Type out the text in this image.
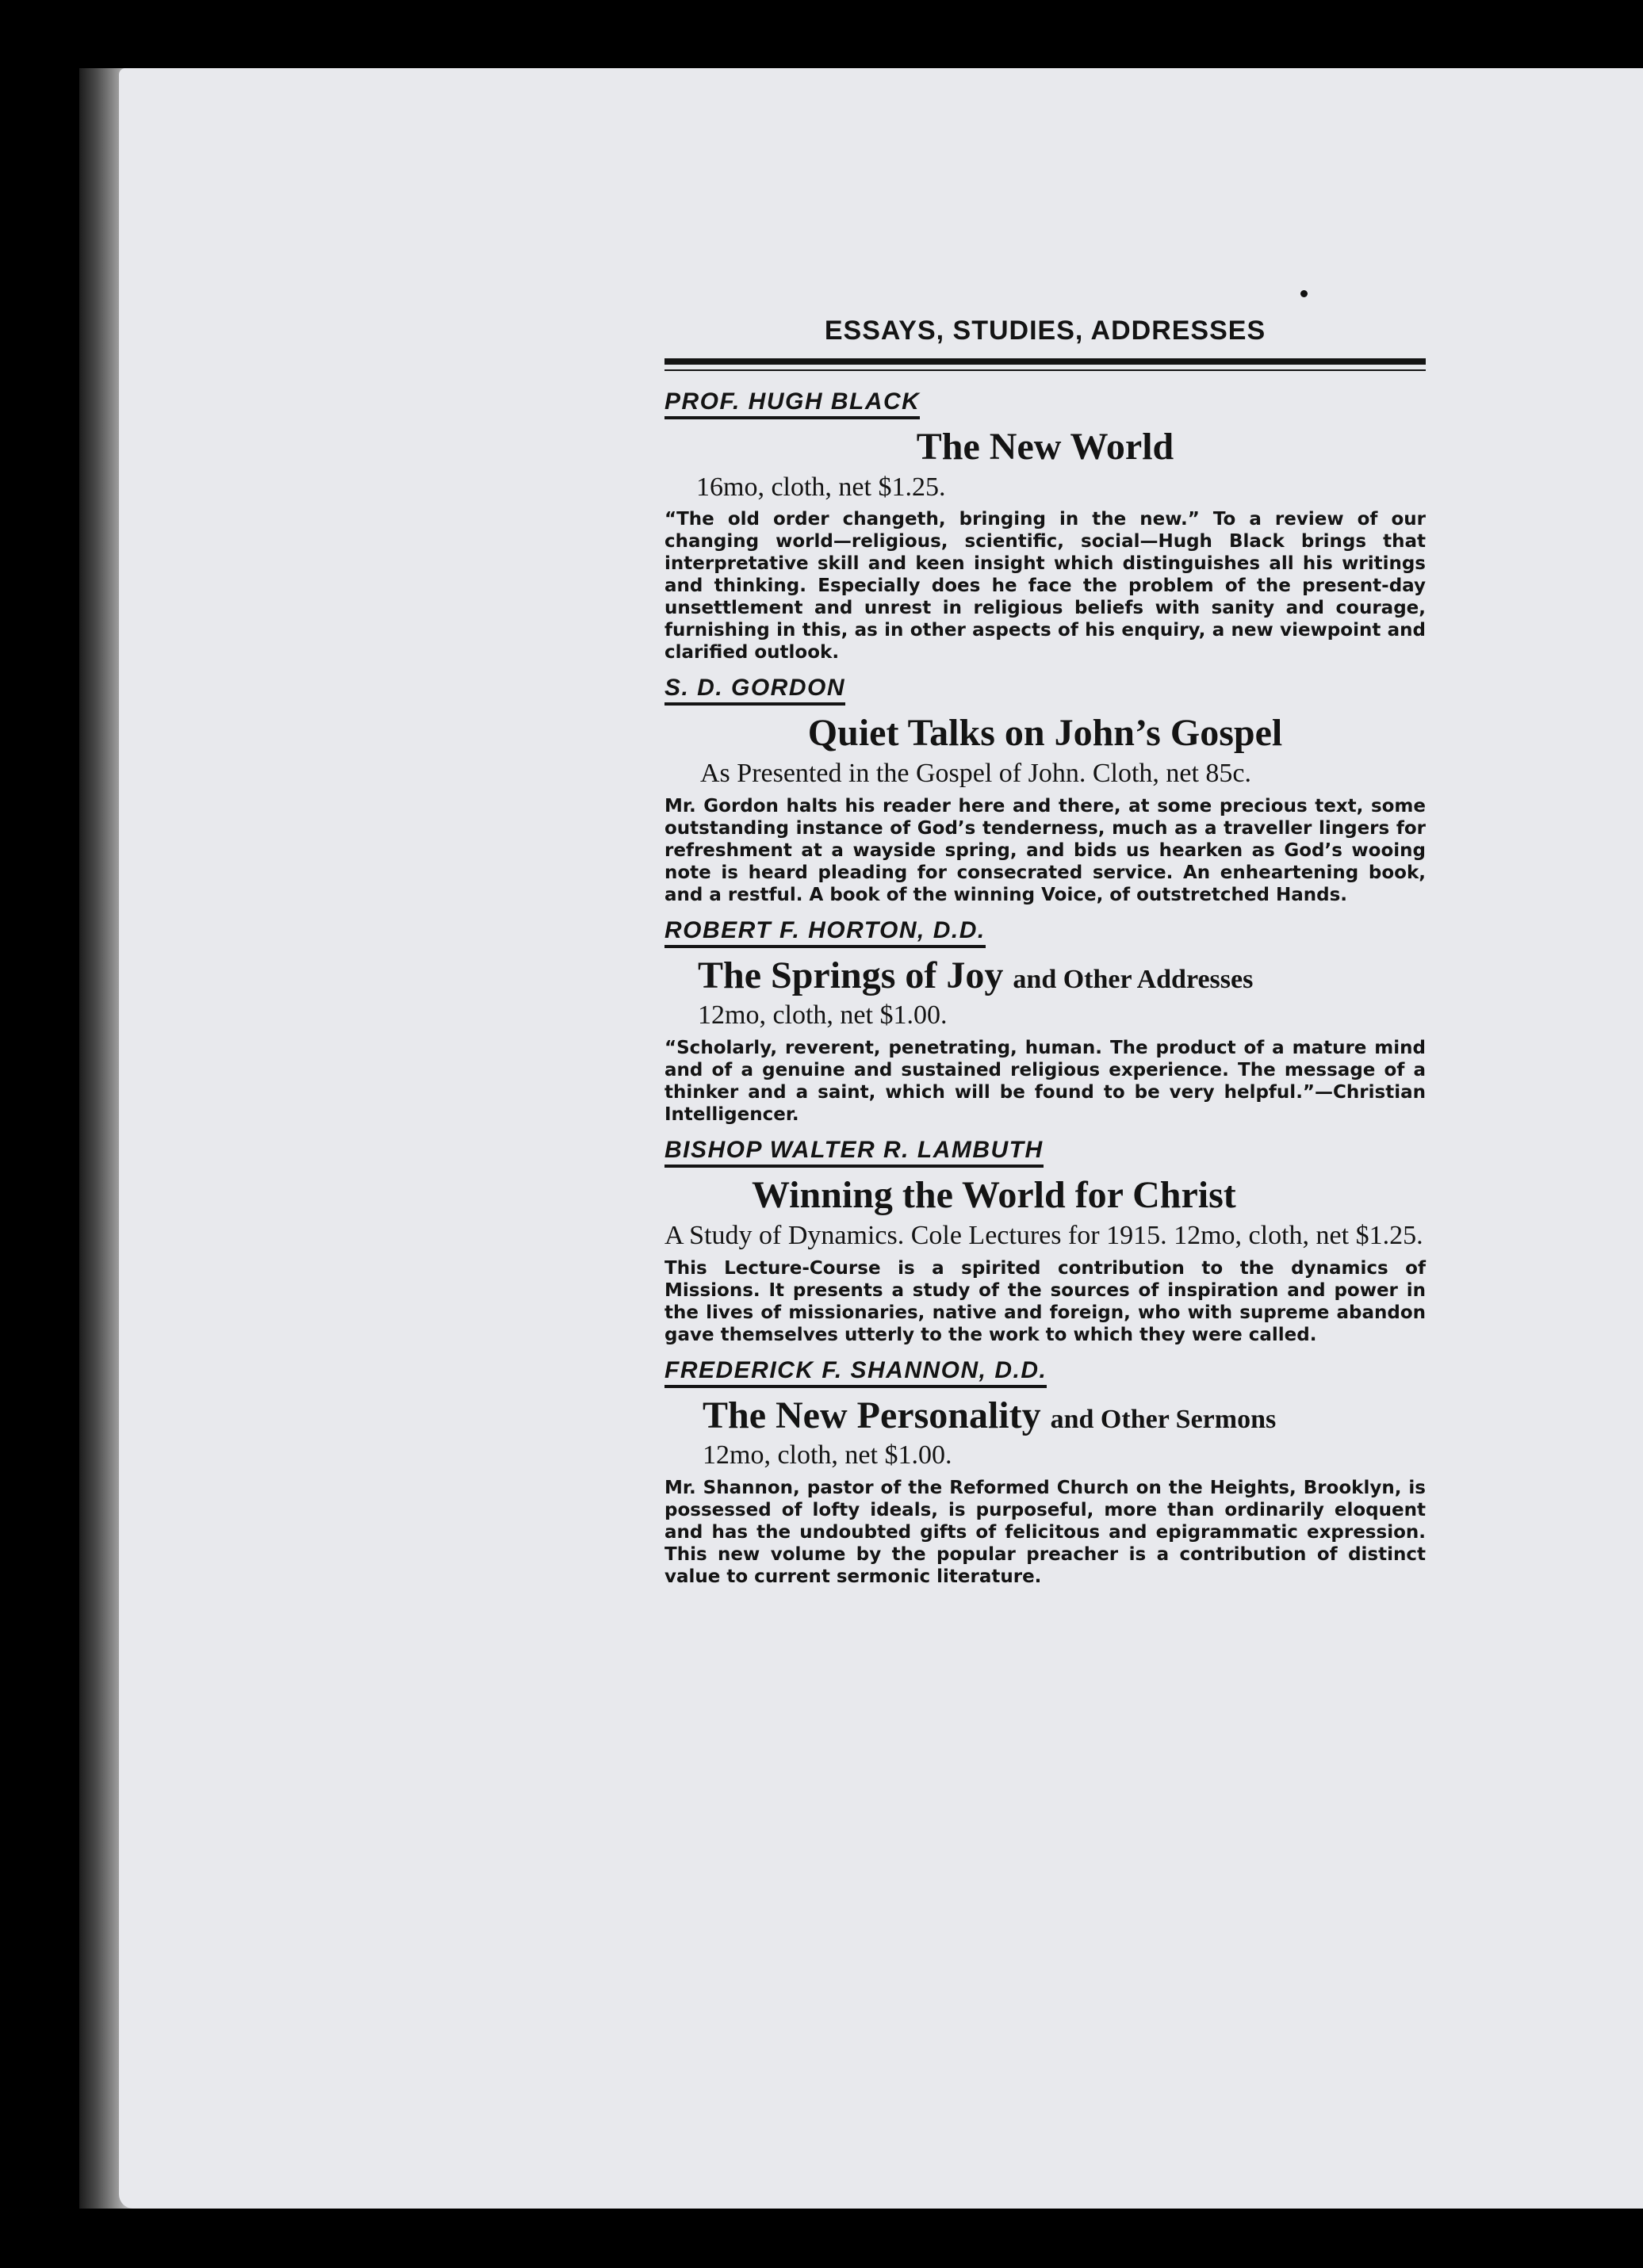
ESSAYS, STUDIES, ADDRESSES
PROF. HUGH BLACK
The New World
16mo, cloth, net $1.25.
“The old order changeth, bringing in the new.” To a review of our changing world—religious, scientific, social—Hugh Black brings that interpretative skill and keen insight which distinguishes all his writings and thinking. Especially does he face the problem of the present-day unsettlement and unrest in religious beliefs with sanity and courage, furnishing in this, as in other aspects of his enquiry, a new viewpoint and clarified outlook.
S. D. GORDON
Quiet Talks on John’s Gospel
As Presented in the Gospel of John. Cloth, net 85c.
Mr. Gordon halts his reader here and there, at some precious text, some outstanding instance of God’s tenderness, much as a traveller lingers for refreshment at a wayside spring, and bids us hearken as God’s wooing note is heard pleading for consecrated service. An enheartening book, and a restful. A book of the winning Voice, of outstretched Hands.
ROBERT F. HORTON, D.D.
The Springs of Joy and Other Addresses
12mo, cloth, net $1.00.
“Scholarly, reverent, penetrating, human. The product of a mature mind and of a genuine and sustained religious experience. The message of a thinker and a saint, which will be found to be very helpful.”—Christian Intelligencer.
BISHOP WALTER R. LAMBUTH
Winning the World for Christ
A Study of Dynamics. Cole Lectures for 1915. 12mo, cloth, net $1.25.
This Lecture-Course is a spirited contribution to the dynamics of Missions. It presents a study of the sources of inspiration and power in the lives of missionaries, native and foreign, who with supreme abandon gave themselves utterly to the work to which they were called.
FREDERICK F. SHANNON, D.D.
The New Personality and Other Sermons
12mo, cloth, net $1.00.
Mr. Shannon, pastor of the Reformed Church on the Heights, Brooklyn, is possessed of lofty ideals, is purposeful, more than ordinarily eloquent and has the undoubted gifts of felicitous and epigrammatic expression. This new volume by the popular preacher is a contribution of distinct value to current sermonic literature.
